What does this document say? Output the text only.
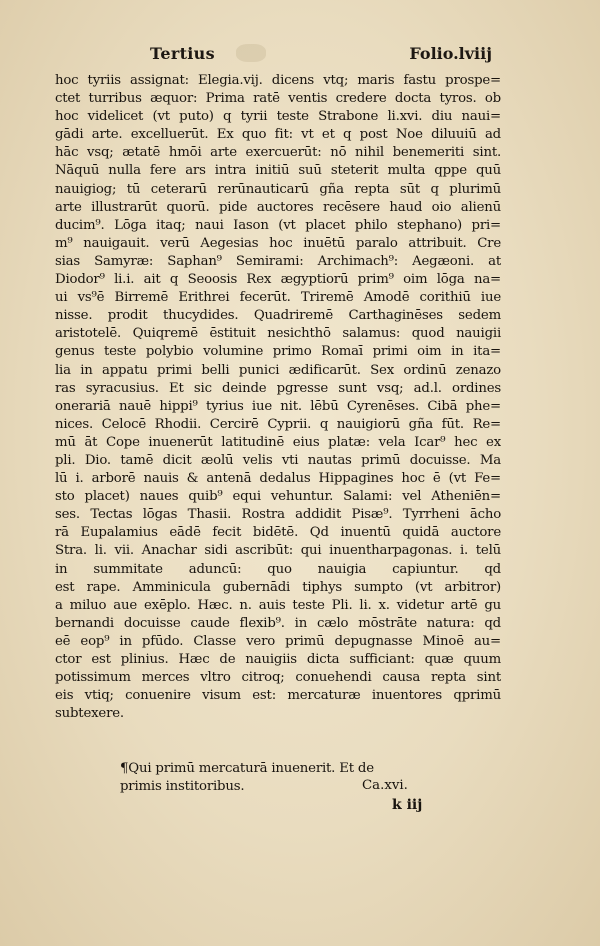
Tertius	Folio.lviij
hoc tyriis assignat: Elegia.vij. dicens vtq; maris fastu prospe=
ctet turribus æquor: Prima ratē ventis credere docta tyros. ob
hoc videlicet (vt puto) q tyrii teste Strabone li.xvi. diu naui=
gādi arte. excelluerūt. Ex quo fit: vt et q post Noe diluuiū ad
hāc vsq; ætatē hmōi arte exercuerūt: nō nihil benemeriti sint.
Nāquū nulla fere ars intra initiū suū steterit multa qppe quū
nauigiog; tū ceterarū rerūnauticarū gña repta sūt q plurimū
arte illustrarūt quorū. pide auctores recēsere haud oio alienū
ducim⁹. Lōga itaq; naui Iason (vt placet philo stephano) pri=
m⁹ nauigauit. verū Aegesias hoc inuētū paralo attribuit. Cre
sias Samyræ: Saphan⁹ Semirami: Archimach⁹: Aegæoni. at
Diodor⁹ li.i. ait q Seoosis Rex ægyptiorū prim⁹ oim lōga na=
ui vs⁹ē Birremē Erithrei fecerūt. Triremē Amodē corithiū iue
nisse. prodit thucydides. Quadriremē Carthaginēses sedem
aristotelē. Quiqremē ēstituit nesichthō salamus: quod nauigii
genus teste polybio volumine primo Romaī primi oim in ita=
lia in appatu primi belli punici ædificarūt. Sex ordinū zenazo
ras syracusius. Et sic deinde pgresse sunt vsq; ad.l. ordines
onerariā nauē hippi⁹ tyrius iue nit. lēbū Cyrenēses. Cibā phe=
nices. Celocē Rhodii. Cercirē Cyprii. q nauigiorū gña fūt. Re=
mū āt Cope inuenerūt latitudinē eius platæ: vela Icar⁹ hec ex
pli. Dio. tamē dicit æolū velis vti nautas primū docuisse. Ma
lū i. arborē nauis & antenā dedalus Hippagines hoc ē (vt Fe=
sto placet) naues quib⁹ equi vehuntur. Salami: vel Atheniēn=
ses. Tectas lōgas Thasii. Rostra addidit Pisæ⁹. Tyrrheni ācho
rā Eupalamius eādē fecit bidētē. Qd inuentū quidā auctore
Stra. li. vii. Anachar sidi ascribūt: qui inuentharpagonas. i. telū
in summitate aduncū: quo nauigia capiuntur. qd
est rape. Amminicula gubernādi tiphys sumpto (vt arbitror)
a miluo aue exēplo. Hæc. n. auis teste Pli. li. x. videtur artē gu
bernandi docuisse caude flexib⁹. in cælo mōstrāte natura: qd
eē eop⁹ in pfūdo. Classe vero primū depugnasse Minoē au=
ctor est plinius. Hæc de nauigiis dicta sufficiant: quæ quum
potissimum merces vltro citroq; conuehendi causa repta sint
eis vtiq; conuenire visum est: mercaturæ inuentores qprimū
subtexere.
¶Qui primū mercaturā inuenerit. Et de
primis institoribus.	Ca.xvi.
k iij
